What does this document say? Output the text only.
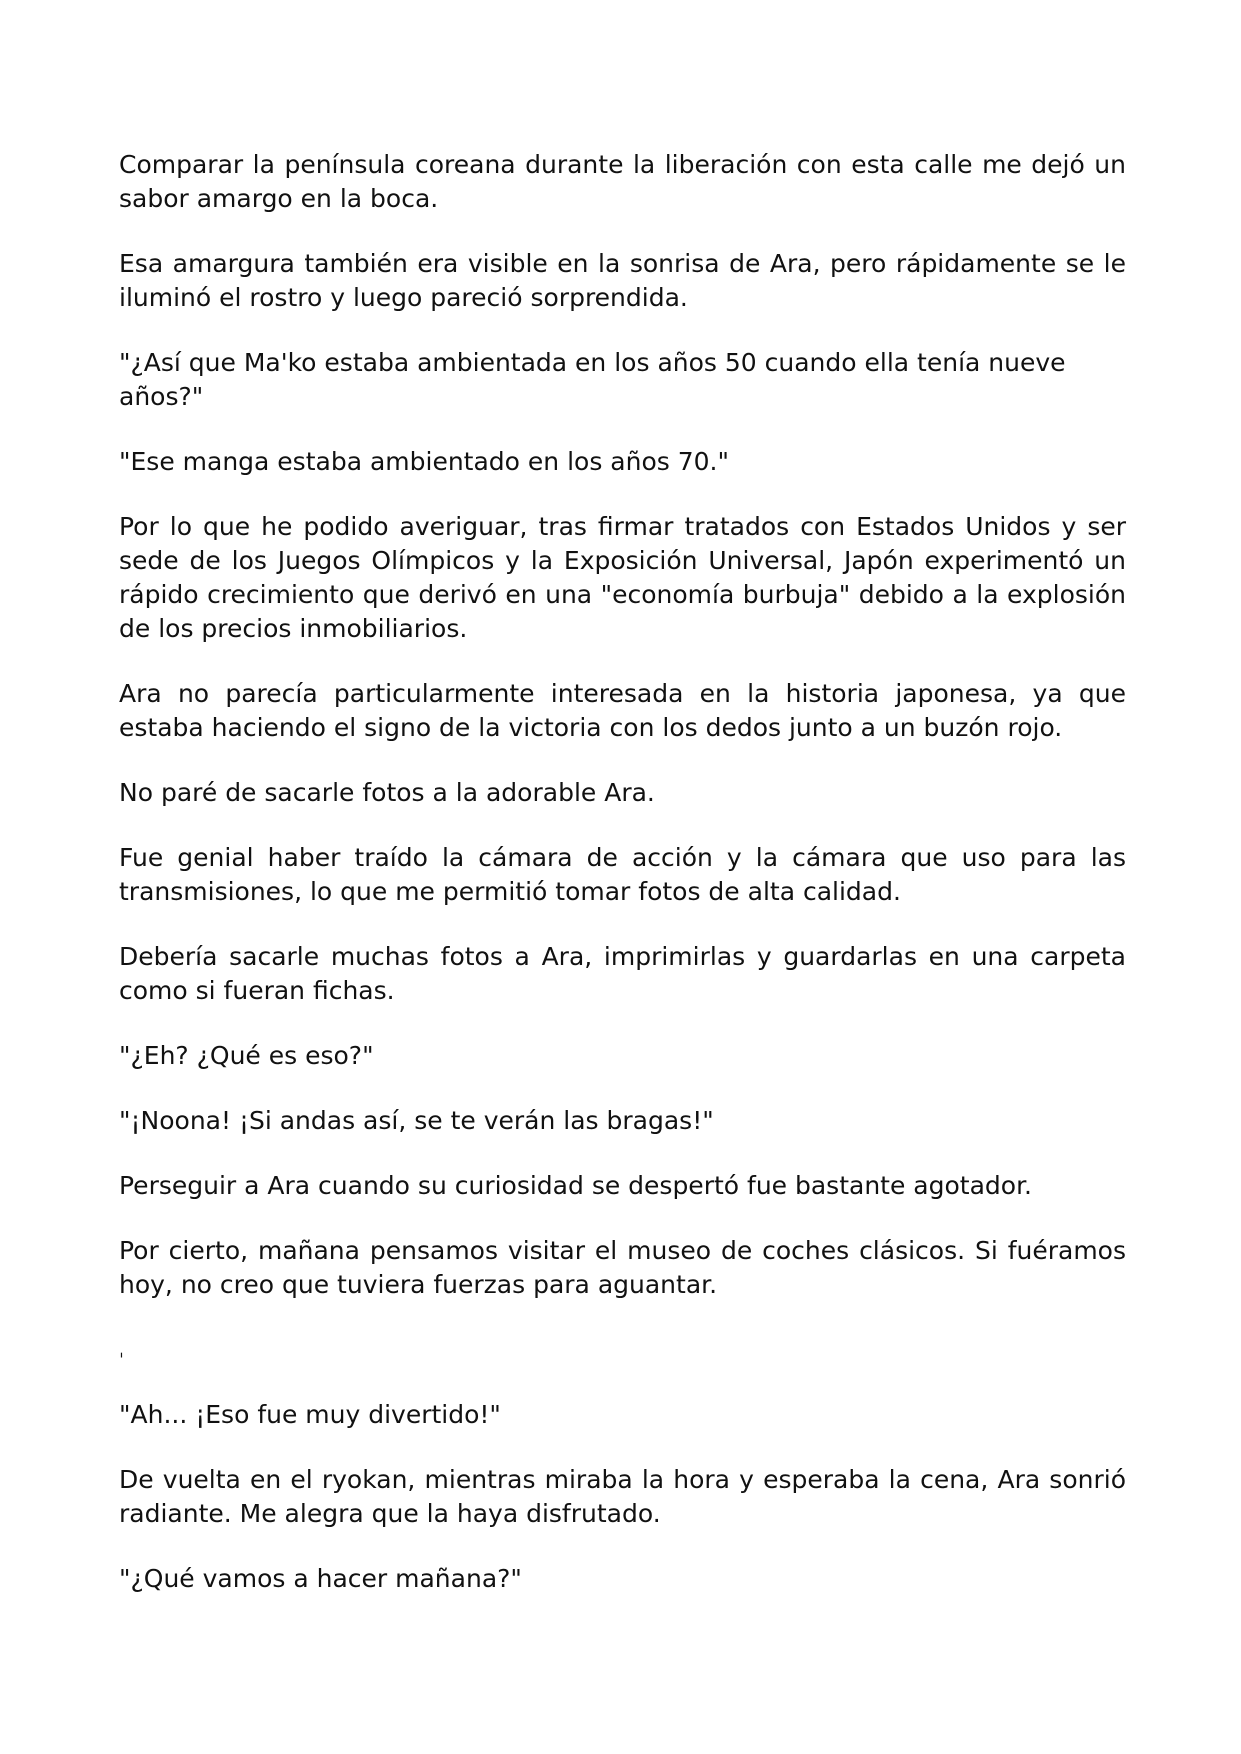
Comparar la península coreana durante la liberación con esta calle me dejó un sabor amargo en la boca.

Esa amargura también era visible en la sonrisa de Ara, pero rápidamente se le iluminó el rostro y luego pareció sorprendida.

"¿Así que Ma'ko estaba ambientada en los años 50 cuando ella tenía nueve años?"

"Ese manga estaba ambientado en los años 70."

Por lo que he podido averiguar, tras firmar tratados con Estados Unidos y ser sede de los Juegos Olímpicos y la Exposición Universal, Japón experimentó un rápido crecimiento que derivó en una "economía burbuja" debido a la explosión de los precios inmobiliarios.

Ara no parecía particularmente interesada en la historia japonesa, ya que estaba haciendo el signo de la victoria con los dedos junto a un buzón rojo.

No paré de sacarle fotos a la adorable Ara.

Fue genial haber traído la cámara de acción y la cámara que uso para las transmisiones, lo que me permitió tomar fotos de alta calidad.

Debería sacarle muchas fotos a Ara, imprimirlas y guardarlas en una carpeta como si fueran fichas.

"¿Eh? ¿Qué es eso?"

"¡Noona! ¡Si andas así, se te verán las bragas!"

Perseguir a Ara cuando su curiosidad se despertó fue bastante agotador.

Por cierto, mañana pensamos visitar el museo de coches clásicos. Si fuéramos hoy, no creo que tuviera fuerzas para aguantar.

ˌ

"Ah... ¡Eso fue muy divertido!"

De vuelta en el ryokan, mientras miraba la hora y esperaba la cena, Ara sonrió radiante. Me alegra que la haya disfrutado.

"¿Qué vamos a hacer mañana?"
